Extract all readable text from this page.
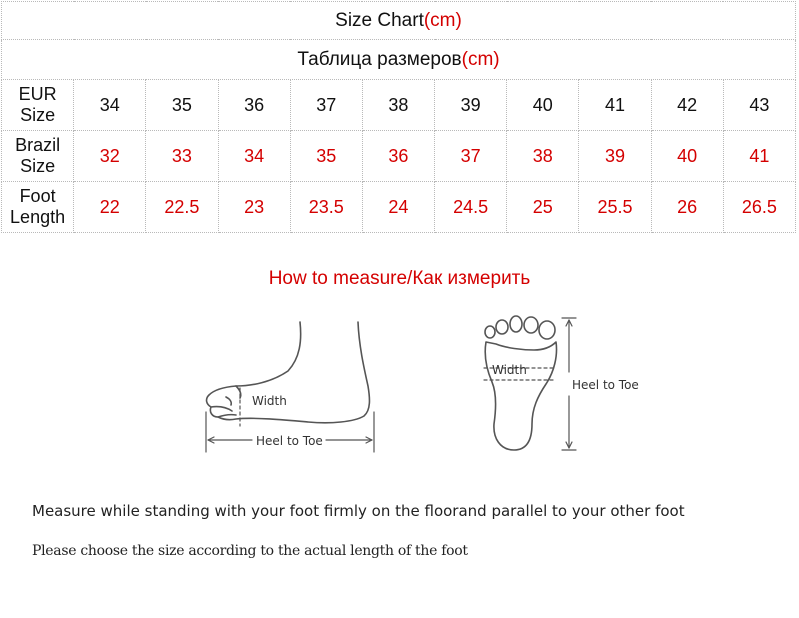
Size Chart(cm)										
Таблица размеров(cm)										
EUR Size	34	35	36	37	38	39	40	41	42	43
Brazil Size	32	33	34	35	36	37	38	39	40	41
Foot Length	22	22.5	23	23.5	24	24.5	25	25.5	26	26.5
How to measure/Как измерить
Width
Heel to Toe
Width
Heel to Toe
Measure while standing with your foot firmly on the floorand parallel to your other foot
Please choose the size according to the actual length of the foot
